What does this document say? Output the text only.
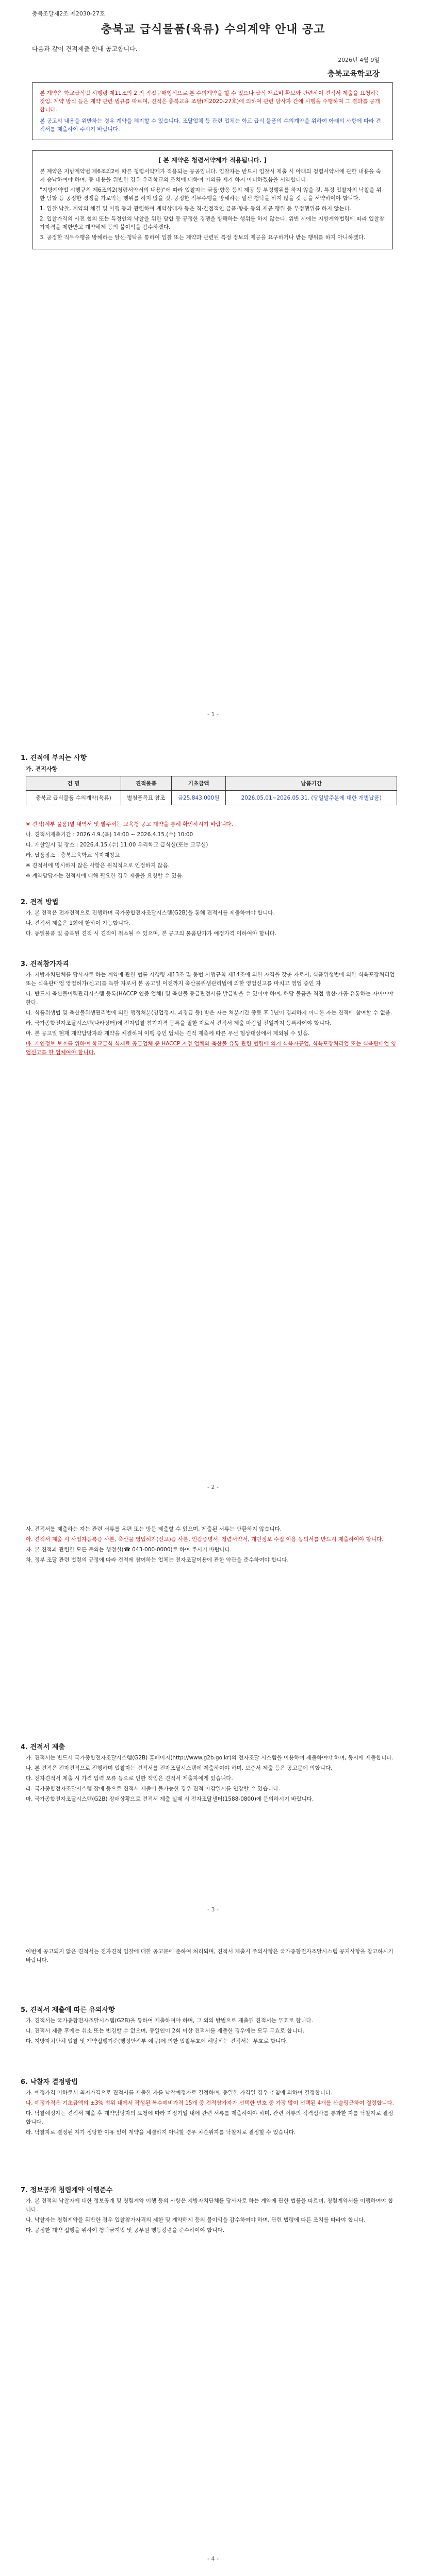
충북조달제2조 제2030-27호
충북교 급식물품(육류) 수의계약 안내 공고
다음과 같이 견적제출 안내 공고합니다.
2026년 4월 9일
충북교육학교장

본 계약은 학교급식법 시행령 제11조의 2 의 직접구매형식으로 본 수의계약을 할 수 있으나 급식 재료비 확보와 관련하여 견적서 제출을 요청하는 것임. 계약 방식 등은 계약 관련 법규를 따르며, 견적은 충북교육 조달(제2020-27호)에 의하여 관련 당사자 간에 시행을 수행하며 그 결과를 공개 합니다.

본 공고의 내용을 위반하는 경우 계약을 해지할 수 있습니다. 조달업체 등 관련 업체는 학교 급식 물품의 수의계약을 위하여 아래의 사항에 따라 견적서를 제출하여 주시기 바랍니다.

[ 본 계약은 청렴서약제가 적용됩니다. ]

본 계약은 지방계약법 제6조의2에 따른 청렴서약제가 적용되는 공공입니다. 입찰자는 반드시 입찰시 제출 시 아래의 청렴서약서에 관한 내용을 숙지 승낙하여야 하며, 동 내용을 위반한 경우 우리학교의 조치에 대하여 이의를 제기 하지 아니하겠음을 서약합니다.

"지방계약법 시행규칙 제6조의2(청렴서약서의 내용)"에 따라 입찰자는 금품·향응 등의 제공 등 부정행위를 하지 않을 것, 특정 입찰자의 낙찰을 위한 담합 등 공정한 경쟁을 가로막는 행위를 하지 않을 것, 공정한 직무수행을 방해하는 알선·청탁을 하지 않을 것 등을 서약하여야 합니다.

1. 입찰·낙찰, 계약의 체결 및 이행 등과 관련하여 계약상대자 등은 직·간접적인 금품·향응 등의 제공 행위 등 부정행위를 하지 않는다.

2. 입찰가격의 사전 협의 또는 특정인의 낙찰을 위한 담합 등 공정한 경쟁을 방해하는 행위를 하지 않는다. 위반 시에는 지방계약법령에 따라 입찰참가자격을 제한받고 계약해제 등의 불이익을 감수하겠다.

3. 공정한 직무수행을 방해하는 알선·청탁을 통하여 입찰 또는 계약과 관련된 특정 정보의 제공을 요구하거나 받는 행위를 하지 아니하겠다.

- 1 -
1. 견적에 부치는 사항
가. 견적사항
건 명	견적물품	기초금액	납품기간
충북교 급식물품 수의계약(육류)	별첨품목표 참조	금25,843,000원	2026.05.01~2026.05.31. (당일발주분에 대한 개별납품)

※ 견적(세부 물품)별 내역서 및 발주서는 교육청 공고 계약을 통해 확인하시기 바랍니다.

나. 견적서제출기간 : 2026.4.9.(목) 14:00 ~ 2026.4.15.(수) 10:00

다. 개찰일시 및 장소 : 2026.4.15.(수) 11:00 우리학교 급식실(또는 교무실)

라. 납품장소 : 충북교육학교 식자재창고

※ 견적서에 명시하지 않은 사항은 원칙적으로 인정하지 않음.

※ 계약담당자는 견적서에 대해 필요한 경우 제출을 요청할 수 있음.

2. 견적 방법

가. 본 견적은 전자견적으로 진행하며 국가종합전자조달시스템(G2B)을 통해 견적서를 제출하여야 합니다.

나. 견적서 제출은 1회에 한하여 가능합니다.

다. 동일물품 및 중복된 견적 시 견적이 취소될 수 있으며, 본 공고의 물품단가가 예정가격 이하여야 합니다.

3. 견적참가자격

가. 지방자치단체를 당사자로 하는 계약에 관한 법률 시행령 제13조 및 동법 시행규칙 제14조에 의한 자격을 갖춘 자로서, 식품위생법에 의한 식육포장처리업 또는 식육판매업 영업허가(신고)를 득한 자로서 본 공고일 이전까지 축산물위생관리법에 의한 영업신고를 마치고 영업 중인 자

나. 반드시 축산물이력관리시스템 등록(HACCP 인증 업체) 및 축산물 등급판정서를 발급받을 수 있어야 하며, 해당 물품을 직접 생산·가공·유통하는 자이어야 한다.

다. 식품위생법 및 축산물위생관리법에 의한 행정처분(영업정지, 과징금 등) 받은 자는 처분기간 종료 후 1년이 경과하지 아니한 자는 견적에 참여할 수 없음.

라. 국가종합전자조달시스템(나라장터)에 전자입찰 참가자격 등록을 필한 자로서 견적서 제출 마감일 전일까지 등록하여야 합니다.

마. 본 공고일 현재 계약담당자와 계약을 체결하여 이행 중인 업체는 견적 제출에 따른 우선 협상대상에서 제외될 수 있음.

바. 개인정보 보호를 위하여 학교급식 식재료 공급업체 중 HACCP 지정 업체와 축산물 유통 관련 법령에 의거 식육가공업, 식육포장처리업 또는 식육판매업 영업신고를 한 업체여야 합니다.

- 2 -

사. 견적서를 제출하는 자는 관련 서류를 우편 또는 방문 제출할 수 있으며, 제출된 서류는 반환하지 않습니다.

아. 견적서 제출 시 사업자등록증 사본, 축산물 영업허가(신고)증 사본, 인감증명서, 청렴서약서, 개인정보 수집 이용 동의서를 반드시 제출하여야 합니다.

자. 본 견적과 관련한 모든 문의는 행정실(☎ 043-000-0000)로 하여 주시기 바랍니다.

차. 정부 조달 관련 법령의 규정에 따라 견적에 참여하는 업체는 전자조달이용에 관한 약관을 준수하여야 합니다.

4. 견적서 제출

가. 견적서는 반드시 국가종합전자조달시스템(G2B) 홈페이지(http://www.g2b.go.kr)의 전자조달 시스템을 이용하여 제출하여야 하며, 동시에 제출합니다.

나. 본 견적은 전자견적으로 진행하며 입찰자는 견적서를 전자조달시스템에 제출하여야 하며, 보증서 제출 등은 공고문에 의합니다.

다. 전자견적서 제출 시 가격 입력 오류 등으로 인한 책임은 견적서 제출자에게 있습니다.

라. 국가종합전자조달시스템 장애 등으로 견적서 제출이 불가능한 경우 견적 마감일시를 연장할 수 있습니다.

마. 국가종합전자조달시스템(G2B) 장애상황으로 견적서 제출 실패 시 전자조달센터(1588-0800)에 문의하시기 바랍니다.

- 3 -
이번에 공고되지 않은 견적서는 전자견적 입찰에 대한 공고문에 준하여 처리되며, 견적서 제출시 주의사항은 국가종합전자조달시스템 공지사항을 참고하시기 바랍니다.
5. 견적서 제출에 따른 유의사항

가. 견적서는 국가종합전자조달시스템(G2B)을 통하여 제출하여야 하며, 그 외의 방법으로 제출된 견적서는 무효로 합니다.

나. 견적서 제출 후에는 취소 또는 변경할 수 없으며, 동일인이 2회 이상 견적서를 제출한 경우에는 모두 무효로 합니다.

다. 지방자치단체 입찰 및 계약집행기준(행정안전부 예규)에 의한 입찰무효에 해당하는 견적서는 무효로 합니다.

6. 낙찰자 결정방법

가. 예정가격 이하로서 최저가격으로 견적서를 제출한 자를 낙찰예정자로 결정하며, 동일한 가격일 경우 추첨에 의하여 결정합니다.

나. 예정가격은 기초금액의 ±3% 범위 내에서 작성된 복수예비가격 15개 중 견적참가자가 선택한 번호 중 가장 많이 선택된 4개를 산술평균하여 결정합니다.

다. 낙찰예정자는 견적서 제출 후 계약담당자의 요청에 따라 지정기일 내에 관련 서류를 제출하여야 하며, 관련 서류의 적격심사를 통과한 자를 낙찰자로 결정합니다.

라. 낙찰자로 결정된 자가 정당한 이유 없이 계약을 체결하지 아니할 경우 차순위자를 낙찰자로 결정할 수 있습니다.

7. 정보공개 청렴계약 이행준수

가. 본 견적의 낙찰자에 대한 정보공개 및 청렴계약 이행 등의 사항은 지방자치단체를 당사자로 하는 계약에 관한 법률을 따르며, 청렴계약서를 이행하여야 합니다.

나. 낙찰자는 청렴계약을 위반한 경우 입찰참가자격의 제한 및 계약해제 등의 불이익을 감수하여야 하며, 관련 법령에 따른 조치를 따라야 합니다.

다. 공정한 계약 집행을 위하여 청탁금지법 및 공무원 행동강령을 준수하여야 합니다.

- 4 -
